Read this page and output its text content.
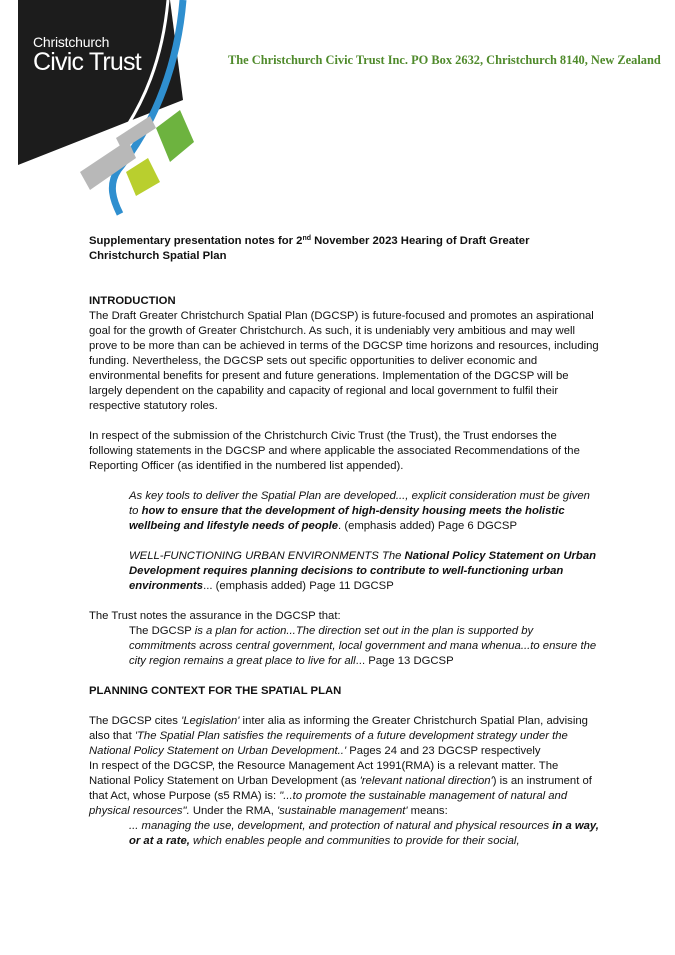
Christchurch
Civic Trust	The Christchurch Civic Trust Inc. PO Box 2632, Christchurch 8140, New Zealand

Supplementary presentation notes for 2nd November 2023 Hearing of Draft Greater Christchurch Spatial Plan

INTRODUCTION

The Draft Greater Christchurch Spatial Plan (DGCSP) is future-focused and promotes an aspirational goal for the growth of Greater Christchurch. As such, it is undeniably very ambitious and may well prove to be more than can be achieved in terms of the DGCSP time horizons and resources, including funding. Nevertheless, the DGCSP sets out specific opportunities to deliver economic and environmental benefits for present and future generations. Implementation of the DGCSP will be largely dependent on the capability and capacity of regional and local government to fulfil their respective statutory roles.

In respect of the submission of the Christchurch Civic Trust (the Trust), the Trust endorses the following statements in the DGCSP and where applicable the associated Recommendations of the Reporting Officer (as identified in the numbered list appended).

As key tools to deliver the Spatial Plan are developed..., explicit consideration must be given to how to ensure that the development of high-density housing meets the holistic wellbeing and lifestyle needs of people. (emphasis added) Page 6 DGCSP

WELL-FUNCTIONING URBAN ENVIRONMENTS The National Policy Statement on Urban Development requires planning decisions to contribute to well-functioning urban environments... (emphasis added) Page 11 DGCSP

The Trust notes the assurance in the DGCSP that:

The DGCSP is a plan for action...The direction set out in the plan is supported by commitments across central government, local government and mana whenua...to ensure the city region remains a great place to live for all... Page 13 DGCSP

PLANNING CONTEXT FOR THE SPATIAL PLAN

The DGCSP cites 'Legislation' inter alia as informing the Greater Christchurch Spatial Plan, advising also that 'The Spatial Plan satisfies the requirements of a future development strategy under the National Policy Statement on Urban Development..' Pages 24 and 23 DGCSP respectively

In respect of the DGCSP, the Resource Management Act 1991(RMA) is a relevant matter. The National Policy Statement on Urban Development (as 'relevant national direction') is an instrument of that Act, whose Purpose (s5 RMA) is: "...to promote the sustainable management of natural and physical resources". Under the RMA, 'sustainable management' means:

... managing the use, development, and protection of natural and physical resources in a way, or at a rate, which enables people and communities to provide for their social,
